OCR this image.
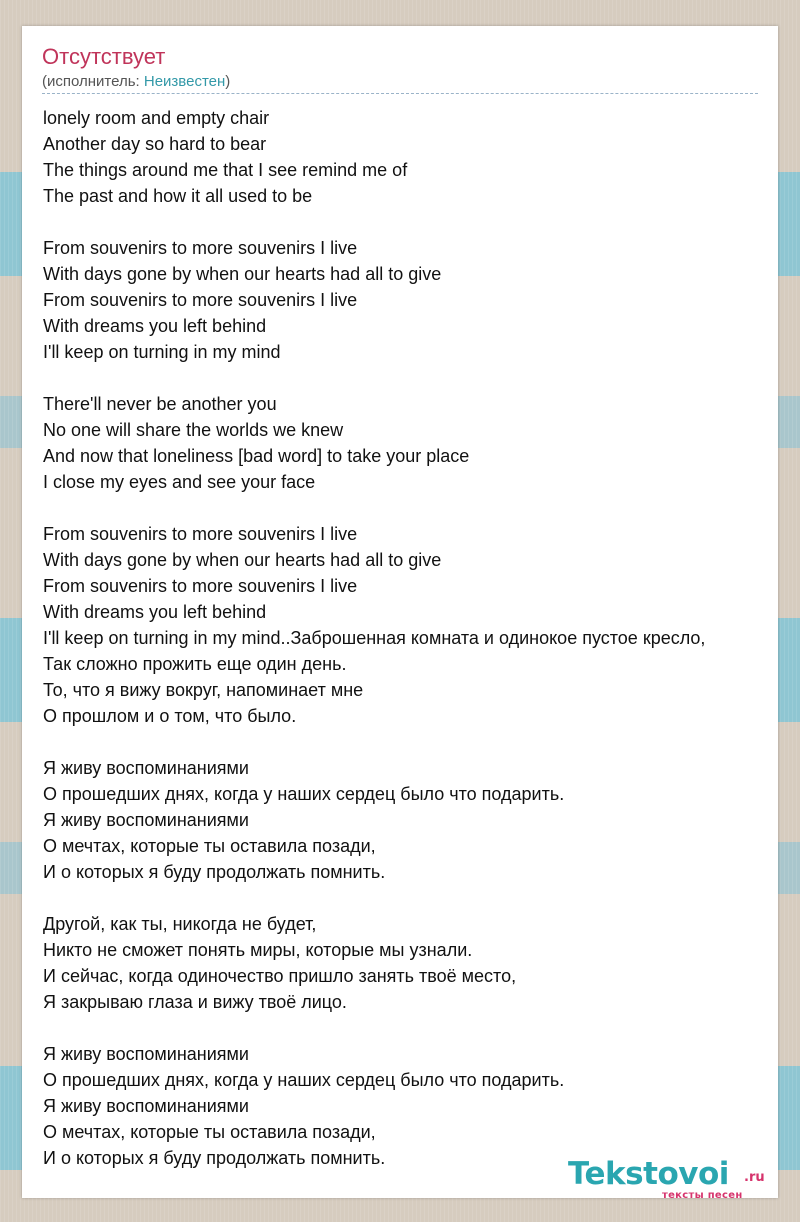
Отсутствует
(исполнитель: Неизвестен)
lonely room and empty chair
Another day so hard to bear
The things around me that I see remind me of
The past and how it all used to be
From souvenirs to more souvenirs I live
With days gone by when our hearts had all to give
From souvenirs to more souvenirs I live
With dreams you left behind
I'll keep on turning in my mind
There'll never be another you
No one will share the worlds we knew
And now that loneliness [bad word] to take your place
I close my eyes and see your face
From souvenirs to more souvenirs I live
With days gone by when our hearts had all to give
From souvenirs to more souvenirs I live
With dreams you left behind
I'll keep on turning in my mind..Заброшенная комната и одинокое пустое кресло,
Так сложно прожить еще один день.
То, что я вижу вокруг, напоминает мне
О прошлом и о том, что было.
Я живу воспоминаниями
О прошедших днях, когда у наших сердец было что подарить.
Я живу воспоминаниями
О мечтах, которые ты оставила позади,
И о которых я буду продолжать помнить.
Другой, как ты, никогда не будет,
Никто не сможет понять миры, которые мы узнали.
И сейчас, когда одиночество пришло занять твоё место,
Я закрываю глаза и вижу твоё лицо.
Я живу воспоминаниями
О прошедших днях, когда у наших сердец было что подарить.
Я живу воспоминаниями
О мечтах, которые ты оставила позади,
И о которых я буду продолжать помнить.	Tekstovoi .ru
тексты песен
